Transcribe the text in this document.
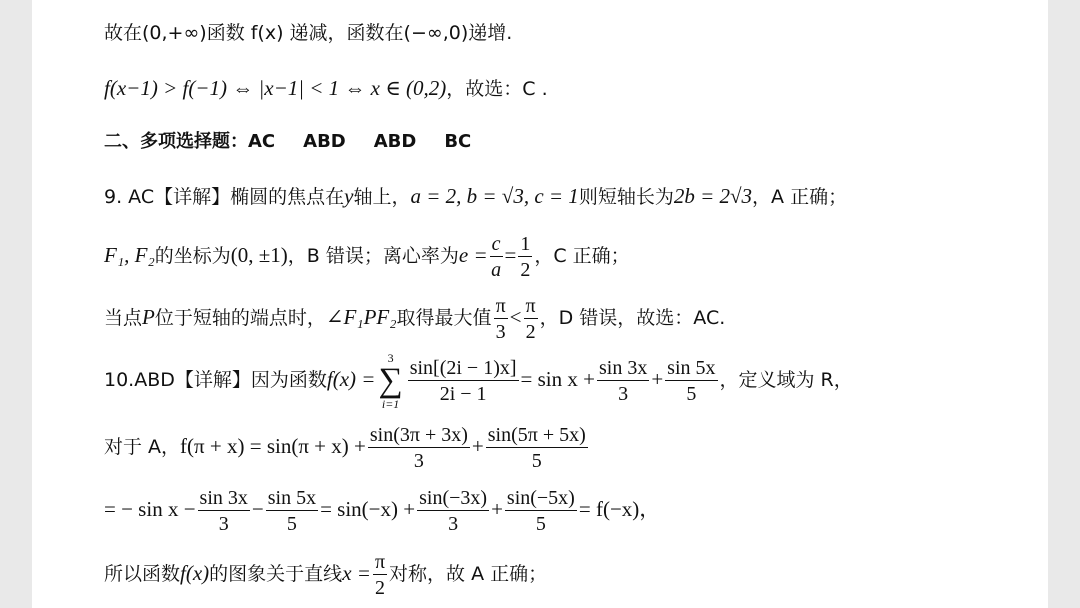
故在(0,+∞)函数 f(x) 递减，函数在(−∞,0)递增.
f(x−1) > f(−1) ⇔ |x−1| < 1 ⇔ x ∈ (0,2)，故选：C .
二、多项选择题：AC ABD ABD BC
9. AC【详解】椭圆的焦点在y轴上，a = 2, b = √3, c = 1则短轴长为2b = 2√3，A 正确；
F₁, F₂的坐标为(0, ±1)，B 错误；离心率为$e = \frac{c}{a} = \frac{1}{2}$ ，C 正确；
当点P位于短轴的端点时，∠F₁PF₂取得最大值 $\frac{\pi}{3} < \frac{\pi}{2}$ ，D 错误，故选：AC.
10.ABD【详解】因为函数f(x) =
3
∑
$i=1 \frac{\sin[(2i - 1)x]}{2i - 1} = \sin x + \frac{\sin 3x}{3} + \frac{\sin 5x}{5}$ ，定义域为 R，
对于 A，$f(\pi + x) = \sin(\pi + x) + \frac{\sin(3\pi + 3x)}{3} + \frac{\sin(5\pi + 5x)}{5}$
= − $\sin x - \frac{\sin 3x}{3} - \frac{\sin 5x}{5} = \sin(-x) + \frac{\sin(-3x)}{3} + \frac{\sin(-5x)}{5} = f(-x)$，
所以函数f(x)的图象关于直线$x = \frac{\pi}{2}$ 对称，故 A 正确；
